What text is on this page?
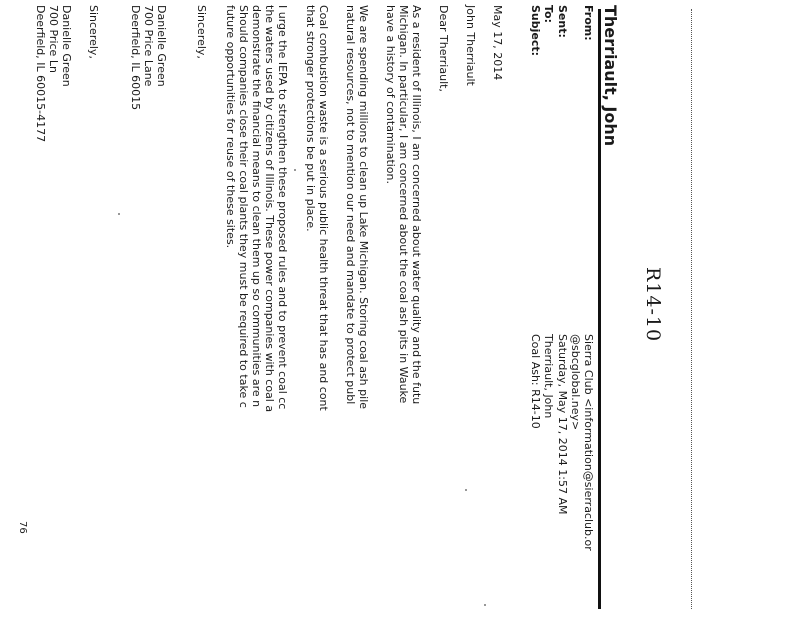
R14-10
Therriault, John
From:
Sent:
To:
Subject:
Sierra Club <information@sierraclub.or
@sbcglobal.ney>
Saturday, May 17, 2014 1:57 AM
Therriault, John
Coal Ash: R14-10
May 17, 2014
John Therriault
Dear Therriault,
As a resident of Illinois, I am concerned about water quality and the futu
Michigan. In particular, I am concerned about the coal ash pits in Wauke
have a history of contamination.
We are spending millions to clean up Lake Michigan. Storing coal ash pile
natural resources, not to mention our need and mandate to protect publ
Coal combustion waste is a serious public health threat that has and cont
that stronger protections be put in place.
I urge the IEPA to strengthen these proposed rules and to prevent coal cc
the waters used by citizens of Illinois. These power companies with coal a
demonstrate the financial means to clean them up so communities are n
Should companies close their coal plants they must be required to take c
future opportunities for reuse of these sites.
Sincerely,
Danielle Green
700 Price Lane
Deerfield, IL 60015
Sincerely,
Danielle Green
700 Price Ln
Deerfield, IL 60015-4177
76
